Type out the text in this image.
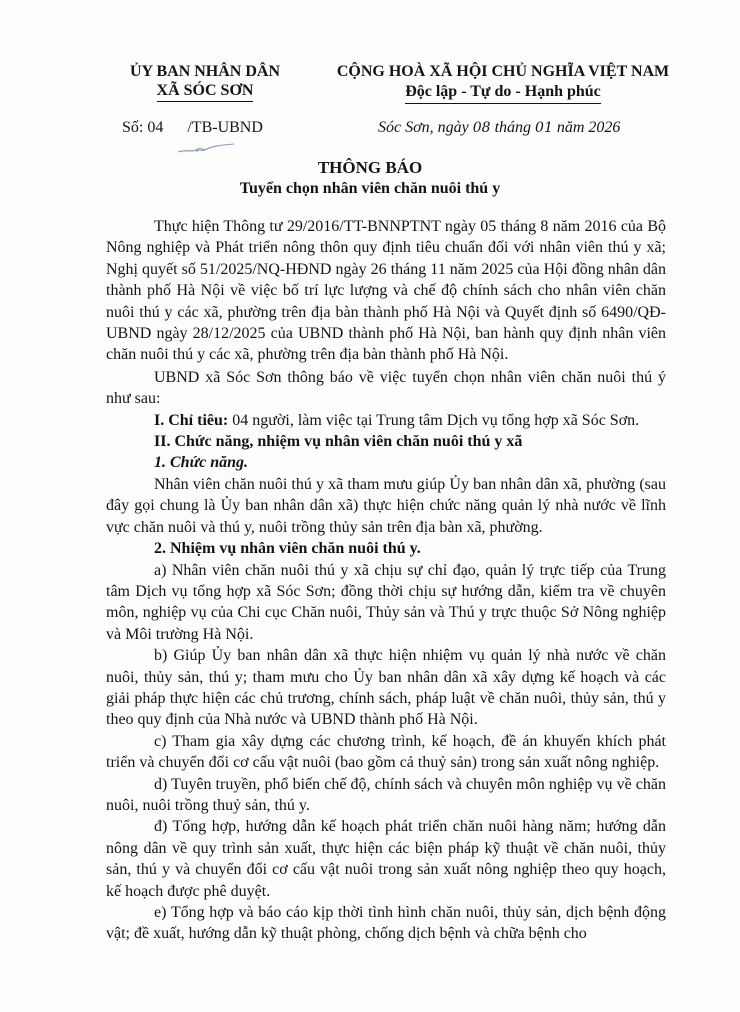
ỦY BAN NHÂN DÂN
XÃ SÓC SƠN
CỘNG HOÀ XÃ HỘI CHỦ NGHĨA VIỆT NAM
Độc lập - Tự do - Hạnh phúc
Số: 04 /TB-UBND	Sóc Sơn, ngày 08 tháng 01 năm 2026
THÔNG BÁO
Tuyển chọn nhân viên chăn nuôi thú y

Thực hiện Thông tư 29/2016/TT-BNNPTNT ngày 05 tháng 8 năm 2016 của Bộ Nông nghiệp và Phát triển nông thôn quy định tiêu chuẩn đối với nhân viên thú y xã; Nghị quyết số 51/2025/NQ-HĐND ngày 26 tháng 11 năm 2025 của Hội đồng nhân dân thành phố Hà Nội về việc bố trí lực lượng và chế độ chính sách cho nhân viên chăn nuôi thú y các xã, phường trên địa bàn thành phố Hà Nội và Quyết định số 6490/QĐ-UBND ngày 28/12/2025 của UBND thành phố Hà Nội, ban hành quy định nhân viên chăn nuôi thú y các xã, phường trên địa bàn thành phố Hà Nội.

UBND xã Sóc Sơn thông báo về việc tuyển chọn nhân viên chăn nuôi thú ý như sau:

I. Chỉ tiêu: 04 người, làm việc tại Trung tâm Dịch vụ tổng hợp xã Sóc Sơn.

II. Chức năng, nhiệm vụ nhân viên chăn nuôi thú y xã

1. Chức năng.

Nhân viên chăn nuôi thú y xã tham mưu giúp Ủy ban nhân dân xã, phường (sau đây gọi chung là Ủy ban nhân dân xã) thực hiện chức năng quản lý nhà nước về lĩnh vực chăn nuôi và thú y, nuôi trồng thủy sản trên địa bàn xã, phường.

2. Nhiệm vụ nhân viên chăn nuôi thú y.

a) Nhân viên chăn nuôi thú y xã chịu sự chỉ đạo, quản lý trực tiếp của Trung tâm Dịch vụ tổng hợp xã Sóc Sơn; đồng thời chịu sự hướng dẫn, kiểm tra về chuyên môn, nghiệp vụ của Chi cục Chăn nuôi, Thủy sản và Thú y trực thuộc Sở Nông nghiệp và Môi trường Hà Nội.

b) Giúp Ủy ban nhân dân xã thực hiện nhiệm vụ quản lý nhà nước về chăn nuôi, thủy sản, thú y; tham mưu cho Ủy ban nhân dân xã xây dựng kế hoạch và các giải pháp thực hiện các chủ trương, chính sách, pháp luật về chăn nuôi, thủy sản, thú y theo quy định của Nhà nước và UBND thành phố Hà Nội.

c) Tham gia xây dựng các chương trình, kế hoạch, đề án khuyến khích phát triển và chuyển đổi cơ cấu vật nuôi (bao gồm cả thuỷ sản) trong sản xuất nông nghiệp.

d) Tuyên truyền, phổ biến chế độ, chính sách và chuyên môn nghiệp vụ về chăn nuôi, nuôi trồng thuỷ sản, thú y.

đ) Tổng hợp, hướng dẫn kế hoạch phát triển chăn nuôi hàng năm; hướng dẫn nông dân về quy trình sản xuất, thực hiện các biện pháp kỹ thuật về chăn nuôi, thủy sản, thú y và chuyển đổi cơ cấu vật nuôi trong sản xuất nông nghiệp theo quy hoạch, kế hoạch được phê duyệt.

e) Tổng hợp và báo cáo kịp thời tình hình chăn nuôi, thủy sản, dịch bệnh động vật; đề xuất, hướng dẫn kỹ thuật phòng, chống dịch bệnh và chữa bệnh cho
